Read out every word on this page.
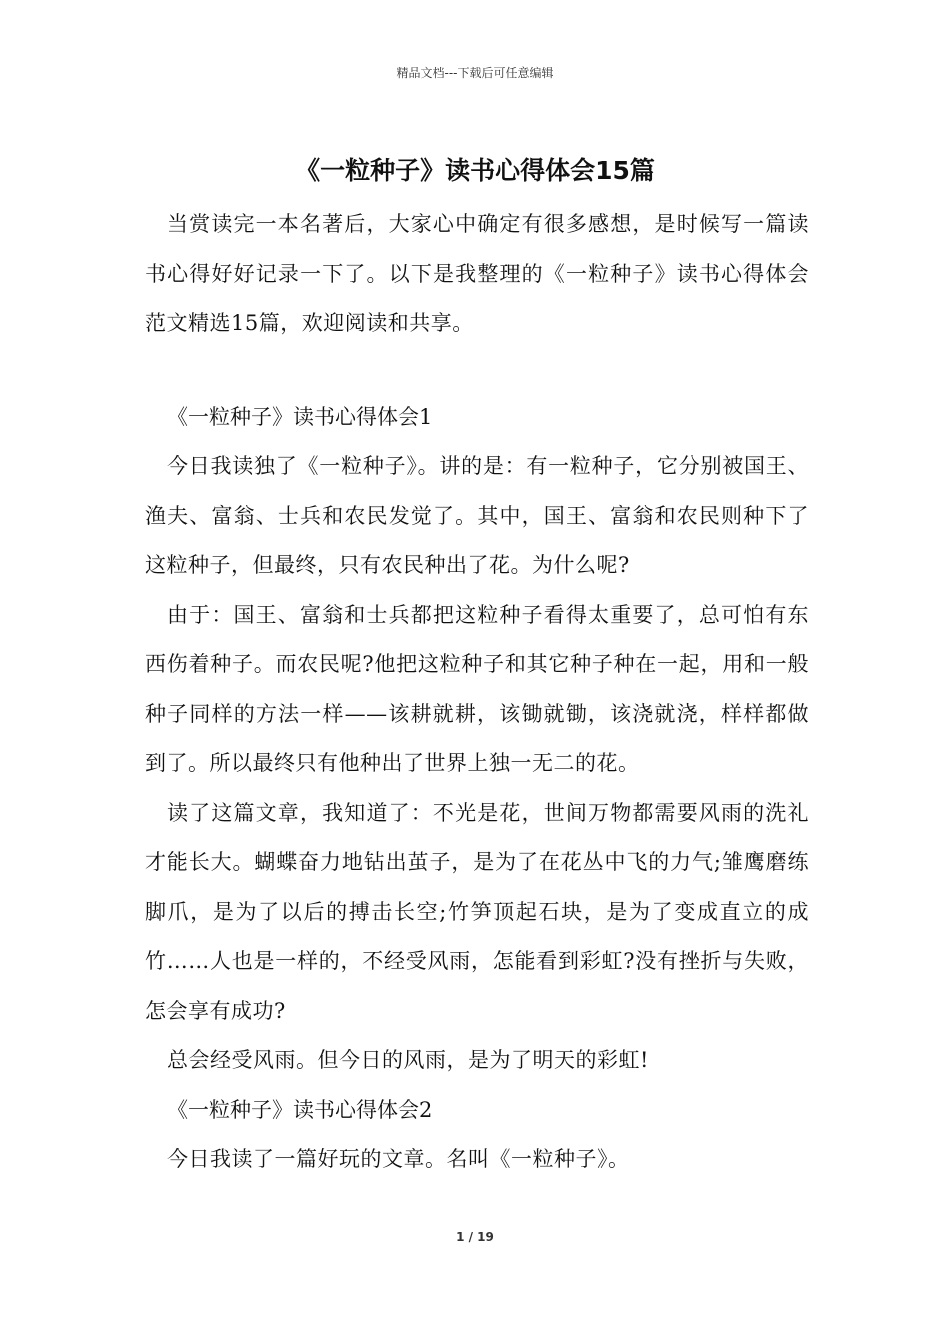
精品文档---下载后可任意编辑
《一粒种子》读书心得体会15篇

当赏读完一本名著后，大家心中确定有很多感想，是时候写一篇读书心得好好记录一下了。以下是我整理的《一粒种子》读书心得体会范文精选15篇，欢迎阅读和共享。

《一粒种子》读书心得体会1

今日我读独了《一粒种子》。讲的是：有一粒种子，它分别被国王、渔夫、富翁、士兵和农民发觉了。其中，国王、富翁和农民则种下了这粒种子，但最终，只有农民种出了花。为什么呢?

由于：国王、富翁和士兵都把这粒种子看得太重要了，总可怕有东西伤着种子。而农民呢?他把这粒种子和其它种子种在一起，用和一般种子同样的方法一样——该耕就耕，该锄就锄，该浇就浇，样样都做到了。所以最终只有他种出了世界上独一无二的花。

读了这篇文章，我知道了：不光是花，世间万物都需要风雨的洗礼才能长大。蝴蝶奋力地钻出茧子，是为了在花丛中飞的力气;雏鹰磨练脚爪，是为了以后的搏击长空;竹笋顶起石块，是为了变成直立的成竹……人也是一样的，不经受风雨，怎能看到彩虹?没有挫折与失败，怎会享有成功?

总会经受风雨。但今日的风雨，是为了明天的彩虹!

《一粒种子》读书心得体会2

今日我读了一篇好玩的文章。名叫《一粒种子》。

1 / 19
